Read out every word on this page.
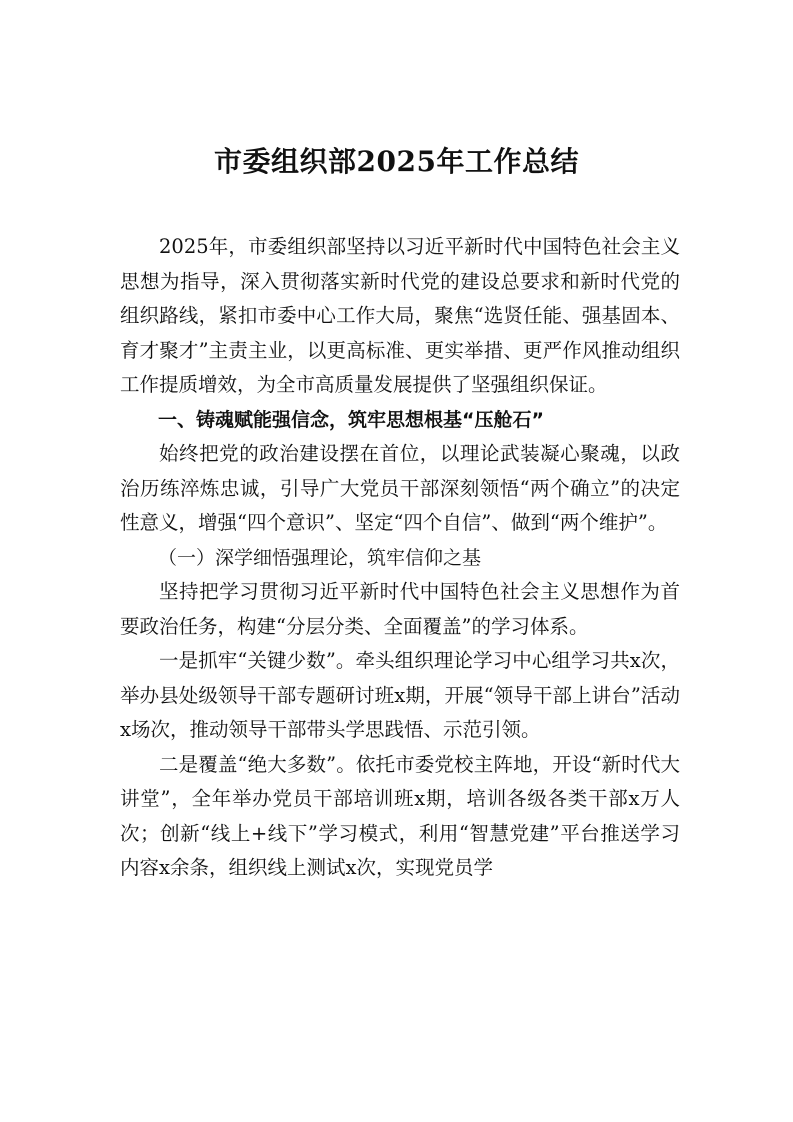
市委组织部2025年工作总结

2025年，市委组织部坚持以习近平新时代中国特色社会主义思想为指导，深入贯彻落实新时代党的建设总要求和新时代党的组织路线，紧扣市委中心工作大局，聚焦“选贤任能、强基固本、育才聚才”主责主业，以更高标准、更实举措、更严作风推动组织工作提质增效，为全市高质量发展提供了坚强组织保证。

一、铸魂赋能强信念，筑牢思想根基“压舱石”

始终把党的政治建设摆在首位，以理论武装凝心聚魂，以政治历练淬炼忠诚，引导广大党员干部深刻领悟“两个确立”的决定性意义，增强“四个意识”、坚定“四个自信”、做到“两个维护”。

（一）深学细悟强理论，筑牢信仰之基

坚持把学习贯彻习近平新时代中国特色社会主义思想作为首要政治任务，构建“分层分类、全面覆盖”的学习体系。

一是抓牢“关键少数”。牵头组织理论学习中心组学习共x次，举办县处级领导干部专题研讨班x期，开展“领导干部上讲台”活动x场次，推动领导干部带头学思践悟、示范引领。

二是覆盖“绝大多数”。依托市委党校主阵地，开设“新时代大讲堂”，全年举办党员干部培训班x期，培训各级各类干部x万人次；创新“线上+线下”学习模式，利用“智慧党建”平台推送学习内容x余条，组织线上测试x次，实现党员学
